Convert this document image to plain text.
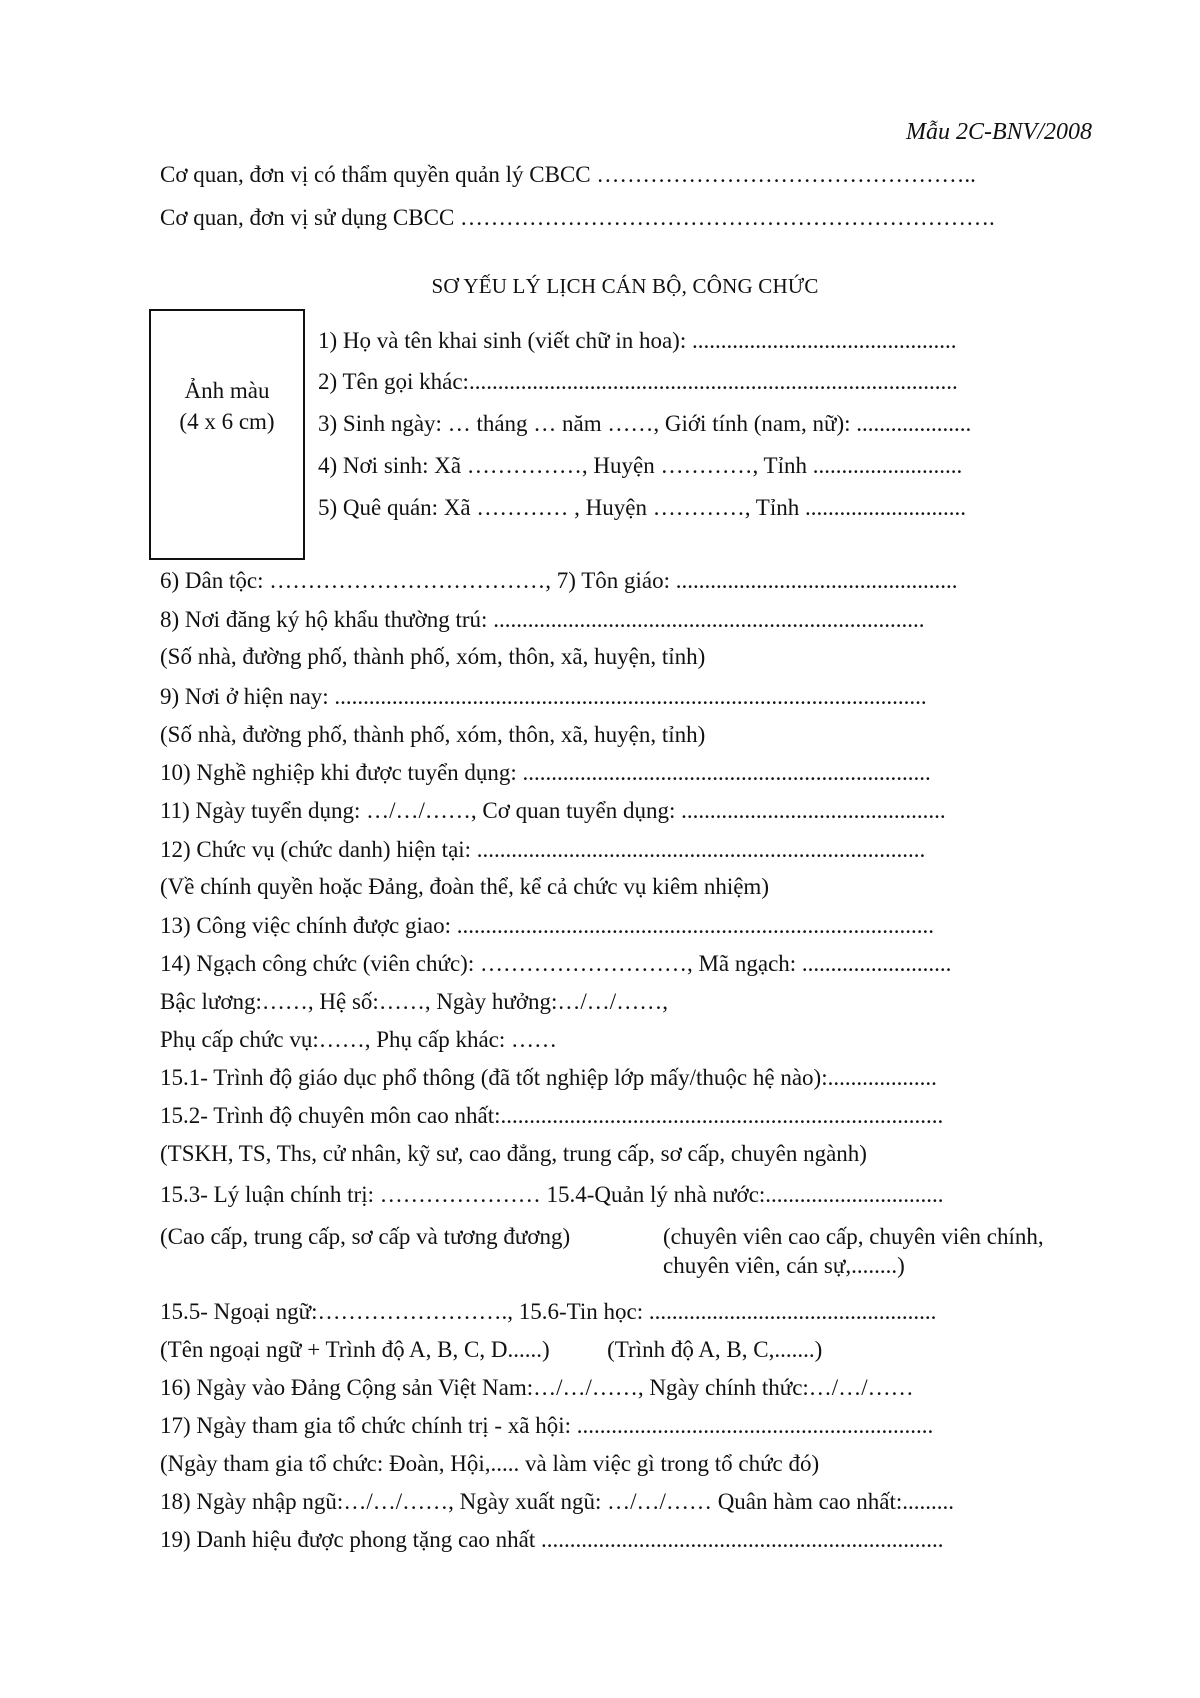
Mẫu 2C-BNV/2008
Cơ quan, đơn vị có thẩm quyền quản lý CBCC …………………………………………..
Cơ quan, đơn vị sử dụng CBCC …………………………………………………………….
SƠ YẾU LÝ LỊCH CÁN BỘ, CÔNG CHỨC
Ảnh màu
(4 x 6 cm)
1) Họ và tên khai sinh (viết chữ in hoa): ..............................................
2) Tên gọi khác:.....................................................................................
3) Sinh ngày: … tháng … năm ……, Giới tính (nam, nữ): ....................
4) Nơi sinh: Xã ……………, Huyện …………, Tỉnh ..........................
5) Quê quán: Xã ………… , Huyện …………, Tỉnh ............................
6) Dân tộc: ………………………………, 7) Tôn giáo: .................................................
8) Nơi đăng ký hộ khẩu thường trú: ...........................................................................
(Số nhà, đường phố, thành phố, xóm, thôn, xã, huyện, tỉnh)
9) Nơi ở hiện nay: .......................................................................................................
(Số nhà, đường phố, thành phố, xóm, thôn, xã, huyện, tỉnh)
10) Nghề nghiệp khi được tuyển dụng: .......................................................................
11) Ngày tuyển dụng: …/…/……, Cơ quan tuyển dụng: ..............................................
12) Chức vụ (chức danh) hiện tại: ..............................................................................
(Về chính quyền hoặc Đảng, đoàn thể, kể cả chức vụ kiêm nhiệm)
13) Công việc chính được giao: ...................................................................................
14) Ngạch công chức (viên chức): ………………………, Mã ngạch: ..........................
Bậc lương:……, Hệ số:……, Ngày hưởng:…/…/……,
Phụ cấp chức vụ:……, Phụ cấp khác: ……
15.1- Trình độ giáo dục phổ thông (đã tốt nghiệp lớp mấy/thuộc hệ nào):...................
15.2- Trình độ chuyên môn cao nhất:.............................................................................
(TSKH, TS, Ths, cử nhân, kỹ sư, cao đẳng, trung cấp, sơ cấp, chuyên ngành)
15.3- Lý luận chính trị: ………………… 15.4-Quản lý nhà nước:...............................
(Cao cấp, trung cấp, sơ cấp và tương đương)	(chuyên viên cao cấp, chuyên viên chính, chuyên viên, cán sự,........)
15.5- Ngoại ngữ:……………………., 15.6-Tin học: ..................................................
(Tên ngoại ngữ + Trình độ A, B, C, D......)          (Trình độ A, B, C,.......)
16) Ngày vào Đảng Cộng sản Việt Nam:…/…/……, Ngày chính thức:…/…/……
17) Ngày tham gia tổ chức chính trị - xã hội: ..............................................................
(Ngày tham gia tổ chức: Đoàn, Hội,..... và làm việc gì trong tổ chức đó)
18) Ngày nhập ngũ:…/…/……, Ngày xuất ngũ: …/…/…… Quân hàm cao nhất:.........
19) Danh hiệu được phong tặng cao nhất ......................................................................
